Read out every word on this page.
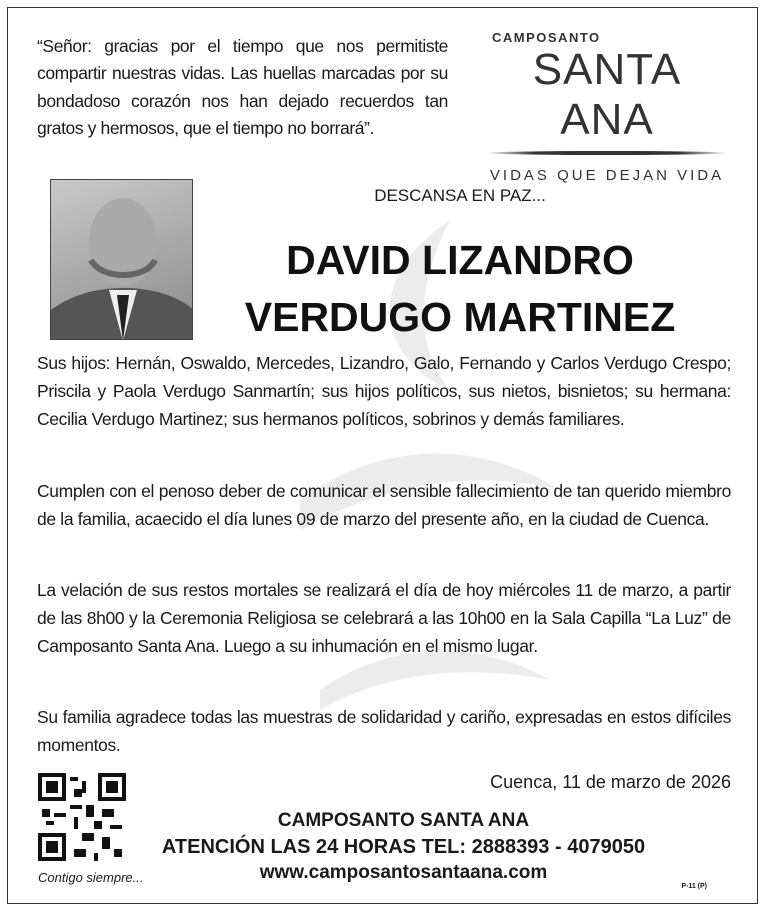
“Señor: gracias por el tiempo que nos permitiste compartir nuestras vidas. Las huellas marcadas por su bondadoso corazón nos han dejado recuerdos tan gratos y hermosos, que el tiempo no borrará”.
CAMPOSANTO
SANTA ANA
VIDAS QUE DEJAN VIDA
DESCANSA EN PAZ...
DAVID LIZANDRO
VERDUGO MARTINEZ

Sus hijos: Hernán, Oswaldo, Mercedes, Lizandro, Galo, Fernando y Carlos Verdugo Crespo; Priscila y Paola Verdugo Sanmartín; sus hijos políticos, sus nietos, bisnietos; su hermana: Cecilia Verdugo Martinez; sus hermanos políticos, sobrinos y demás familiares.

Cumplen con el penoso deber de comunicar el sensible fallecimiento de tan querido miembro de la familia, acaecido el día lunes 09 de marzo del presente año, en la ciudad de Cuenca.

La velación de sus restos mortales se realizará el día de hoy miércoles 11 de marzo, a partir de las 8h00 y la Ceremonia Religiosa se celebrará a las 10h00 en la Sala Capilla “La Luz” de Camposanto Santa Ana. Luego a su inhumación en el mismo lugar.

Su familia agradece todas las muestras de solidaridad y cariño, expresadas en estos difíciles momentos.

Contigo siempre...
Cuenca, 11 de marzo de 2026
CAMPOSANTO SANTA ANA
ATENCIÓN LAS 24 HORAS TEL: 2888393 - 4079050
www.camposantosantaana.com
P-11 (P)
